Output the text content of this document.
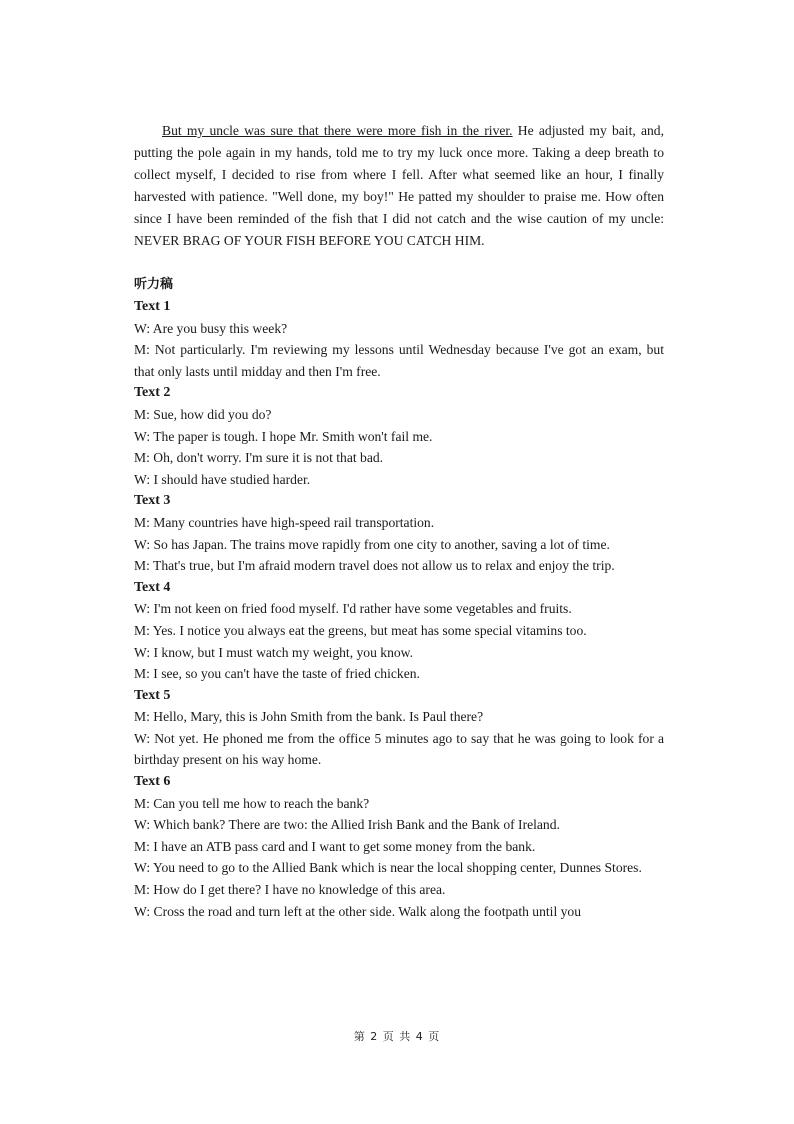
But my uncle was sure that there were more fish in the river. He adjusted my bait, and, putting the pole again in my hands, told me to try my luck once more. Taking a deep breath to collect myself, I decided to rise from where I fell. After what seemed like an hour, I finally harvested with patience. "Well done, my boy!" He patted my shoulder to praise me. How often since I have been reminded of the fish that I did not catch and the wise caution of my uncle: NEVER BRAG OF YOUR FISH BEFORE YOU CATCH HIM.

听力稿

Text 1

W: Are you busy this week?

M: Not particularly. I'm reviewing my lessons until Wednesday because I've got an exam, but that only lasts until midday and then I'm free.

Text 2

M: Sue, how did you do?

W: The paper is tough. I hope Mr. Smith won't fail me.

M: Oh, don't worry. I'm sure it is not that bad.

W: I should have studied harder.

Text 3

M: Many countries have high-speed rail transportation.

W: So has Japan. The trains move rapidly from one city to another, saving a lot of time.

M: That's true, but I'm afraid modern travel does not allow us to relax and enjoy the trip.

Text 4

W: I'm not keen on fried food myself. I'd rather have some vegetables and fruits.

M: Yes. I notice you always eat the greens, but meat has some special vitamins too.

W: I know, but I must watch my weight, you know.

M: I see, so you can't have the taste of fried chicken.

Text 5

M: Hello, Mary, this is John Smith from the bank. Is Paul there?

W: Not yet. He phoned me from the office 5 minutes ago to say that he was going to look for a birthday present on his way home.

Text 6

M: Can you tell me how to reach the bank?

W: Which bank? There are two: the Allied Irish Bank and the Bank of Ireland.

M: I have an ATB pass card and I want to get some money from the bank.

W: You need to go to the Allied Bank which is near the local shopping center, Dunnes Stores.

M: How do I get there? I have no knowledge of this area.

W: Cross the road and turn left at the other side. Walk along the footpath until you

第 2 页 共 4 页
